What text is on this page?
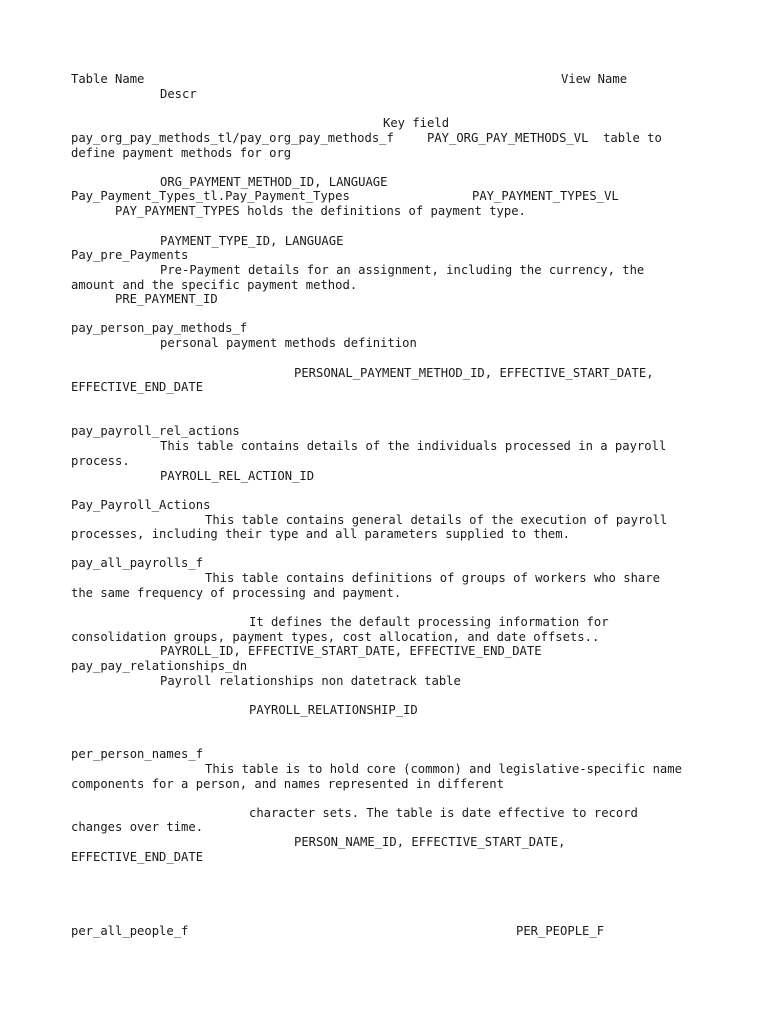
Table Name	View Name
Descr
Key field
pay_org_pay_methods_tl/pay_org_pay_methods_f	PAY_ORG_PAY_METHODS_VL  table to
define payment methods for org
ORG_PAYMENT_METHOD_ID, LANGUAGE
Pay_Payment_Types_tl.Pay_Payment_Types	PAY_PAYMENT_TYPES_VL
PAY_PAYMENT_TYPES holds the definitions of payment type.
PAYMENT_TYPE_ID, LANGUAGE
Pay_pre_Payments
Pre-Payment details for an assignment, including the currency, the
amount and the specific payment method.
PRE_PAYMENT_ID
pay_person_pay_methods_f
personal payment methods definition
PERSONAL_PAYMENT_METHOD_ID, EFFECTIVE_START_DATE,
EFFECTIVE_END_DATE
pay_payroll_rel_actions
This table contains details of the individuals processed in a payroll
process.
PAYROLL_REL_ACTION_ID
Pay_Payroll_Actions
This table contains general details of the execution of payroll
processes, including their type and all parameters supplied to them.
pay_all_payrolls_f
This table contains definitions of groups of workers who share
the same frequency of processing and payment.
It defines the default processing information for
consolidation groups, payment types, cost allocation, and date offsets..
PAYROLL_ID, EFFECTIVE_START_DATE, EFFECTIVE_END_DATE
pay_pay_relationships_dn
Payroll relationships non datetrack table
PAYROLL_RELATIONSHIP_ID
per_person_names_f
This table is to hold core (common) and legislative-specific name
components for a person, and names represented in different
character sets. The table is date effective to record
changes over time.
PERSON_NAME_ID, EFFECTIVE_START_DATE,
EFFECTIVE_END_DATE
per_all_people_f	PER_PEOPLE_F
